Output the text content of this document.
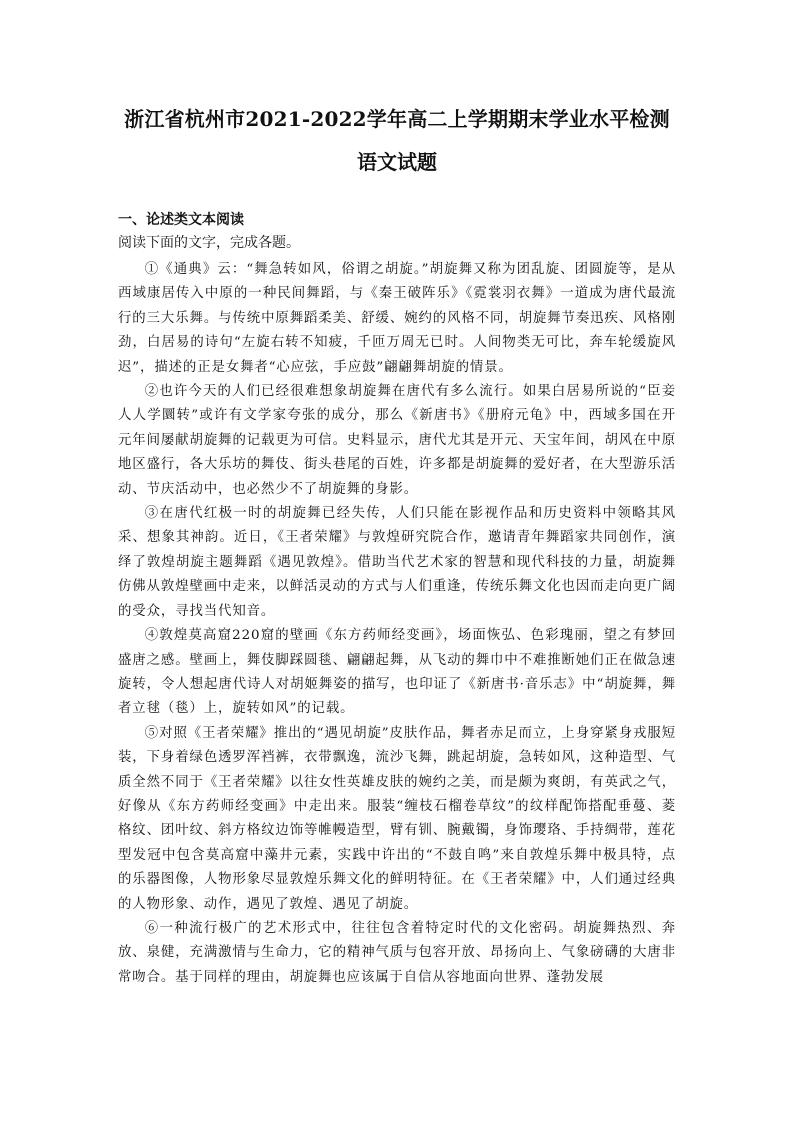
浙江省杭州市2021-2022学年高二上学期期末学业水平检测
语文试题
一、论述类文本阅读
阅读下面的文字，完成各题。

①《通典》云：“舞急转如风，俗谓之胡旋。”胡旋舞又称为团乱旋、团圆旋等，是从西域康居传入中原的一种民间舞蹈，与《秦王破阵乐》《霓裳羽衣舞》一道成为唐代最流行的三大乐舞。与传统中原舞蹈柔美、舒缓、婉约的风格不同，胡旋舞节奏迅疾、风格刚劲，白居易的诗句“左旋右转不知疲，千匝万周无已时。人间物类无可比，奔车轮缓旋风迟”，描述的正是女舞者“心应弦，手应鼓”翩翩舞胡旋的情景。

②也许今天的人们已经很难想象胡旋舞在唐代有多么流行。如果白居易所说的“臣妾人人学圜转”或许有文学家夸张的成分，那么《新唐书》《册府元龟》中，西域多国在开元年间屡献胡旋舞的记载更为可信。史料显示，唐代尤其是开元、天宝年间，胡风在中原地区盛行，各大乐坊的舞伎、街头巷尾的百姓，许多都是胡旋舞的爱好者，在大型游乐活动、节庆活动中，也必然少不了胡旋舞的身影。

③在唐代红极一时的胡旋舞已经失传，人们只能在影视作品和历史资料中领略其风采、想象其神韵。近日，《王者荣耀》与敦煌研究院合作，邀请青年舞蹈家共同创作，演绎了敦煌胡旋主题舞蹈《遇见敦煌》。借助当代艺术家的智慧和现代科技的力量，胡旋舞仿佛从敦煌壁画中走来，以鲜活灵动的方式与人们重逢，传统乐舞文化也因而走向更广阔的受众，寻找当代知音。

④敦煌莫高窟220窟的壁画《东方药师经变画》，场面恢弘、色彩瑰丽，望之有梦回盛唐之感。壁画上，舞伎脚踩圆毯、翩翩起舞，从飞动的舞巾中不难推断她们正在做急速旋转，令人想起唐代诗人对胡姬舞姿的描写，也印证了《新唐书·音乐志》中“胡旋舞，舞者立毬（毯）上，旋转如风”的记载。

⑤对照《王者荣耀》推出的“遇见胡旋”皮肤作品，舞者赤足而立，上身穿紧身戎服短装，下身着绿色透罗浑裆裤，衣带飘逸，流沙飞舞，跳起胡旋，急转如风，这种造型、气质全然不同于《王者荣耀》以往女性英雄皮肤的婉约之美，而是颇为爽朗，有英武之气，好像从《东方药师经变画》中走出来。服装“缠枝石榴卷草纹”的纹样配饰搭配垂蔓、菱格纹、团叶纹、斜方格纹边饰等帷幔造型，臂有钏、腕戴镯，身饰璎珞、手持绸带，莲花型发冠中包含莫高窟中藻井元素，实践中许出的“不鼓自鸣”来自敦煌乐舞中极具特，点的乐器图像，人物形象尽显敦煌乐舞文化的鲜明特征。在《王者荣耀》中，人们通过经典的人物形象、动作，遇见了敦煌、遇见了胡旋。

⑥一种流行极广的艺术形式中，往往包含着特定时代的文化密码。胡旋舞热烈、奔放、泉健，充满激情与生命力，它的精神气质与包容开放、昂扬向上、气象磅礴的大唐非常吻合。基于同样的理由，胡旋舞也应该属于自信从容地面向世界、蓬勃发展
